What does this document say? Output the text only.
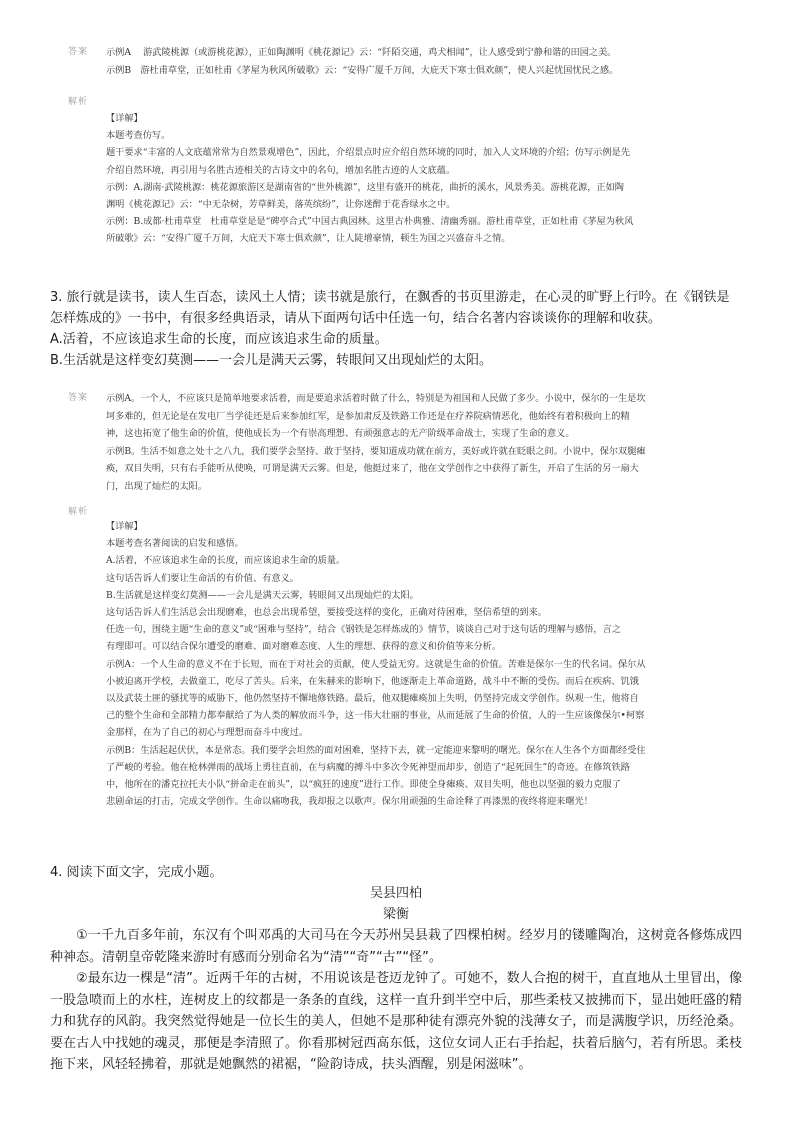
答案 示例A　 游武陵桃源（或游桃花源），正如陶渊明《桃花源记》云：“阡陌交通，鸡犬相闻”，让人感受到宁静和谐的田园之美。

示例B　游杜甫草堂，正如杜甫《茅屋为秋风所破歌》云：“安得广厦千万间，大庇天下寒士俱欢颜”，使人兴起忧国忧民之感。

解析

【详解】

本题考查仿写。

题干要求“丰富的人文底蕴常常为自然景观增色”，因此，介绍景点时应介绍自然环境的同时，加入人文环境的介绍；仿写示例是先

介绍自然环境，再引用与名胜古迹相关的古诗文中的名句，增加名胜古迹的人文底蕴。

示例：A.湖南·武陵桃源：桃花源旅游区是湖南省的“世外桃源”，这里有盛开的桃花，曲折的溪水，风景秀美。游桃花源，正如陶

渊明《桃花源记》云：“中无杂树，芳草鲜美，落英缤纷”，让你迷醉于花香绿水之中。

示例：B.成都·杜甫草堂　杜甫草堂是是“碑亭合式”中国古典园林。这里古朴典雅、清幽秀丽。游杜甫草堂，正如杜甫《茅屋为秋风

所破歌》云：“安得广厦千万间，大庇天下寒士俱欢颜”，让人陡增豪情，顿生为国之兴盛奋斗之情。

3. 旅行就是读书，读人生百态，读风土人情；读书就是旅行，在飘香的书页里游走，在心灵的旷野上行吟。在《钢铁是

怎样炼成的》一书中，有很多经典语录，请从下面两句话中任选一句，结合名著内容谈谈你的理解和收获。

A.活着，不应该追求生命的长度，而应该追求生命的质量。

B.生活就是这样变幻莫测——一会儿是满天云雾，转眼间又出现灿烂的太阳。

答案 示例A。一个人，不应该只是简单地要求活着，而是要追求活着时做了什么，特别是为祖国和人民做了多少。小说中，保尔的一生是坎

坷多难的，但无论是在发电厂当学徒还是后来参加红军，是参加肃反及铁路工作还是在疗养院病情恶化，他始终有着积极向上的精

神，这也拓宽了他生命的价值，使他成长为一个有崇高理想、有顽强意志的无产阶级革命战士，实现了生命的意义。

示例B。生活不如意之处十之八九，我们要学会坚持、敢于坚持，要知道成功就在前方，美好或许就在眨眼之间。小说中，保尔双腿瘫

痪，双目失明，只有右手能听从使唤，可谓是满天云雾。但是，他挺过来了，他在文学创作之中获得了新生，开启了生活的另一扇大

门，出现了灿烂的太阳。

解析

【详解】

本题考查名著阅读的启发和感悟。

A.活着，不应该追求生命的长度，而应该追求生命的质量。

这句话告诉人们要让生命活的有价值、有意义。

B.生活就是这样变幻莫测——一会儿是满天云雾，转眼间又出现灿烂的太阳。

这句话告诉人们生活总会出现磨难，也总会出现希望，要接受这样的变化，正确对待困难，坚信希望的到来。

任选一句，围绕主题“生命的意义”或“困难与坚持”，结合《钢铁是怎样炼成的》情节，谈谈自己对于这句话的理解与感悟，言之

有理即可。可以结合保尔遭受的磨难、面对磨难态度、人生的理想、获得的意义和价值等来分析。

示例A：一个人生命的意义不在于长短，而在于对社会的贡献，使人受益无穷。这就是生命的价值。苦难是保尔一生的代名词。保尔从

小被迫离开学校，去做童工，吃尽了苦头。后来，在朱赫来的影响下，他逐渐走上革命道路，战斗中不断的受伤。而后在疾病、饥饿

以及武装土匪的骚扰等的威胁下，他仍然坚持不懈地修铁路。最后，他双腿瘫痪加上失明，仍坚持完成文学创作。纵观一生，他将自

己的整个生命和全部精力都奉献给了为人类的解放而斗争，这一伟大壮丽的事业，从而延展了生命的价值，人的一生应该像保尔•柯察

金那样，在为了自己的初心与理想而奋斗中度过。

示例B：生活起起伏伏，本是常态。我们要学会坦然的面对困难，坚持下去，就一定能迎来黎明的曙光。保尔在人生各个方面都经受住

了严峻的考验。他在枪林弹雨的战场上勇往直前，在与病魔的搏斗中多次令死神望而却步，创造了“起死回生”的奇迹。在修筑铁路

中，他所在的潘克拉托夫小队“拼命走在前头”，以“疯狂的速度”进行工作。即使全身瘫痪、双目失明，他也以坚强的毅力克服了

悲剧命运的打击，完成文学创作。生命以痛吻我，我却报之以歌声。保尔用顽强的生命诠释了再漆黑的夜终将迎来曙光！

4. 阅读下面文字，完成小题。

吴县四柏

梁衡

①一千九百多年前，东汉有个叫邓禹的大司马在今天苏州吴县栽了四棵柏树。经岁月的镂雕陶冶，这树竟各修炼成四种神态。清朝皇帝乾隆来游时有感而分别命名为“清”“奇”“古”“怪”。

②最东边一棵是“清”。近两千年的古树，不用说该是苍迈龙钟了。可她不，数人合抱的树干，直直地从土里冒出，像一股急喷而上的水柱，连树皮上的纹都是一条条的直线，这样一直升到半空中后，那些柔枝又披拂而下，显出她旺盛的精力和犹存的风韵。我突然觉得她是一位长生的美人，但她不是那种徒有漂亮外貌的浅薄女子，而是满腹学识，历经沧桑。要在古人中找她的魂灵，那便是李清照了。你看那树冠西高东低，这位女词人正右手抬起，扶着后脑勺，若有所思。柔枝拖下来，风轻轻拂着，那就是她飘然的裙裾，“险韵诗成，扶头酒醒，别是闲滋味”。
